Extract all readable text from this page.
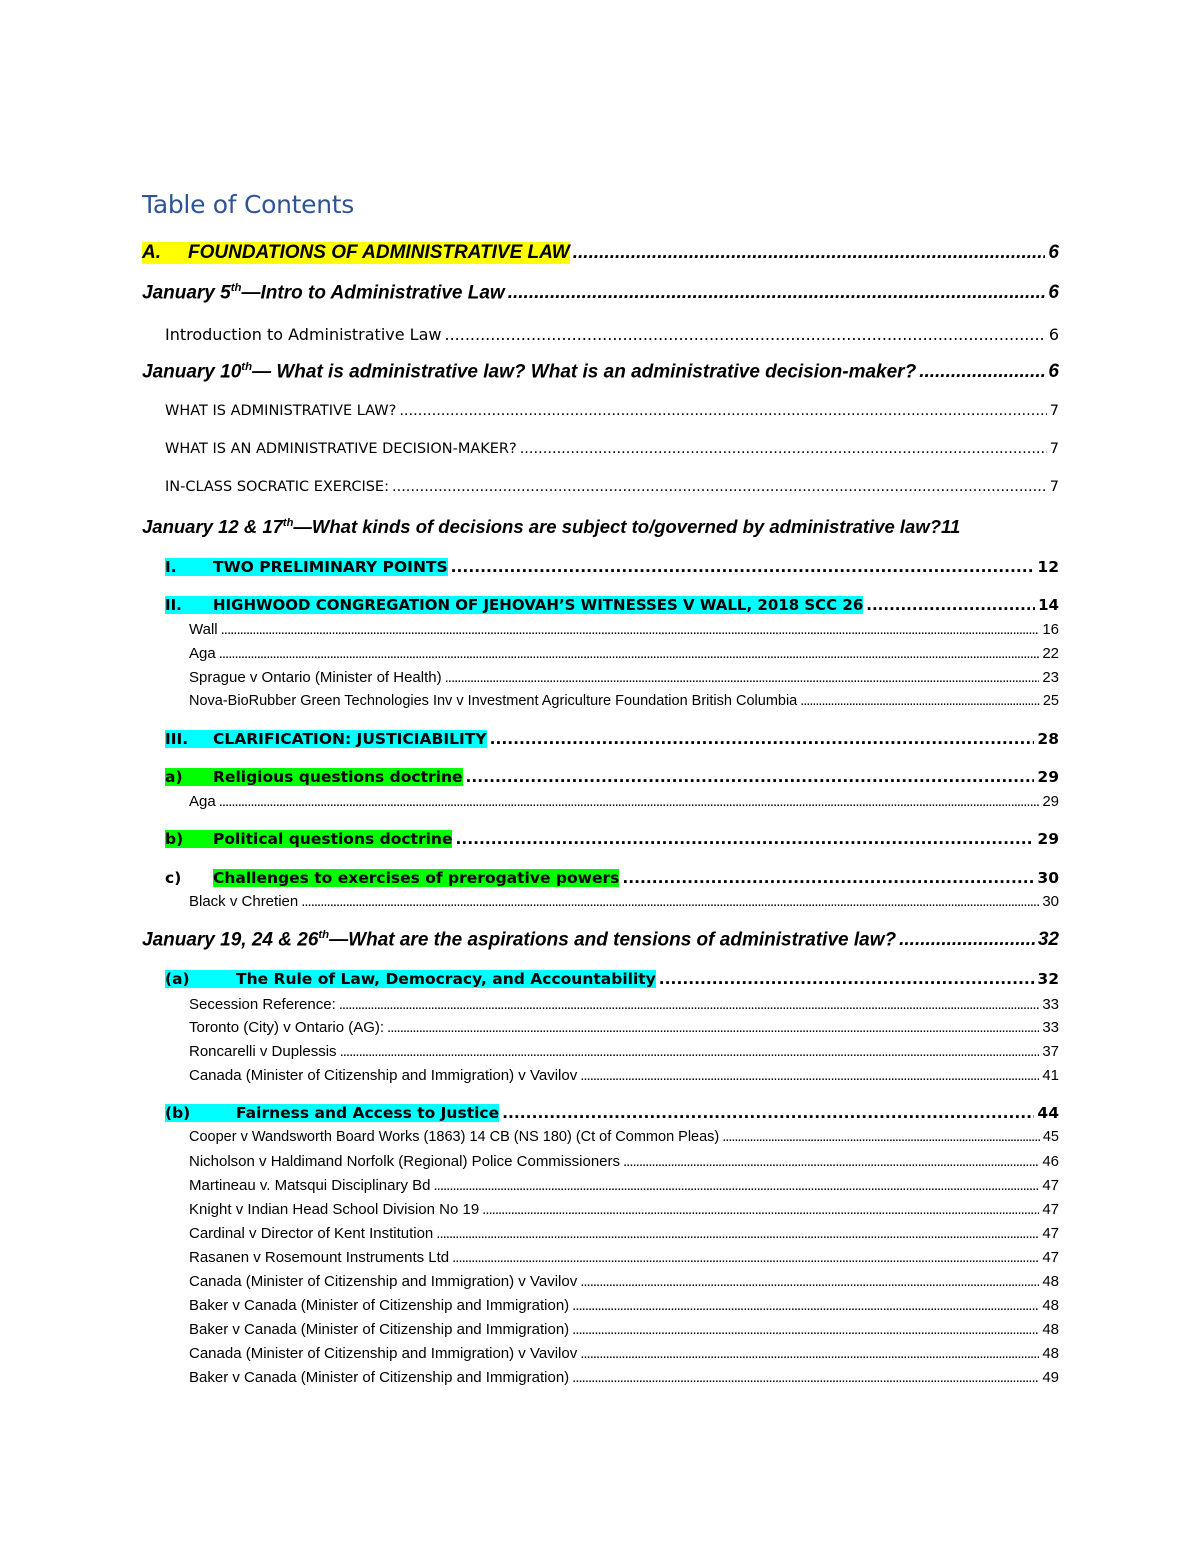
Table of Contents
A. FOUNDATIONS OF ADMINISTRATIVE LAW .....	6
January 5th—Intro to Administrative Law .....	6
Introduction to Administrative Law .....	6
January 10th— What is administrative law? What is an administrative decision-maker? .....	6
WHAT IS ADMINISTRATIVE LAW? .....	7
WHAT IS AN ADMINISTRATIVE DECISION-MAKER? .....	7
IN-CLASS SOCRATIC EXERCISE: .....	7
January 12 & 17th—What kinds of decisions are subject to/governed by administrative law? 11
I. TWO PRELIMINARY POINTS .....	12
II. HIGHWOOD CONGREGATION OF JEHOVAH’S WITNESSES V WALL, 2018 SCC 26 .....	14
Wall .....	16
Aga .....	22
Sprague v Ontario (Minister of Health) .....	23
Nova-BioRubber Green Technologies Inv v Investment Agriculture Foundation British Columbia .....	25
III. CLARIFICATION: JUSTICIABILITY .....	28
a) Religious questions doctrine .....	29
Aga .....	29
b) Political questions doctrine .....	29
c) Challenges to exercises of prerogative powers .....	30
Black v Chretien .....	30
January 19, 24 & 26th—What are the aspirations and tensions of administrative law? .....	32
(a)	The Rule of Law, Democracy, and Accountability .....	32
Secession Reference: .....	33
Toronto (City) v Ontario (AG): .....	33
Roncarelli v Duplessis .....	37
Canada (Minister of Citizenship and Immigration) v Vavilov .....	41
(b)	Fairness and Access to Justice .....	44
Cooper v Wandsworth Board Works (1863) 14 CB (NS 180) (Ct of Common Pleas) .....	45
Nicholson v Haldimand Norfolk (Regional) Police Commissioners .....	46
Martineau v. Matsqui Disciplinary Bd .....	47
Knight v Indian Head School Division No 19 .....	47
Cardinal v Director of Kent Institution .....	47
Rasanen v Rosemount Instruments Ltd .....	47
Canada (Minister of Citizenship and Immigration) v Vavilov .....	48
Baker v Canada (Minister of Citizenship and Immigration) .....	48
Baker v Canada (Minister of Citizenship and Immigration) .....	48
Canada (Minister of Citizenship and Immigration) v Vavilov .....	48
Baker v Canada (Minister of Citizenship and Immigration) .....	49
